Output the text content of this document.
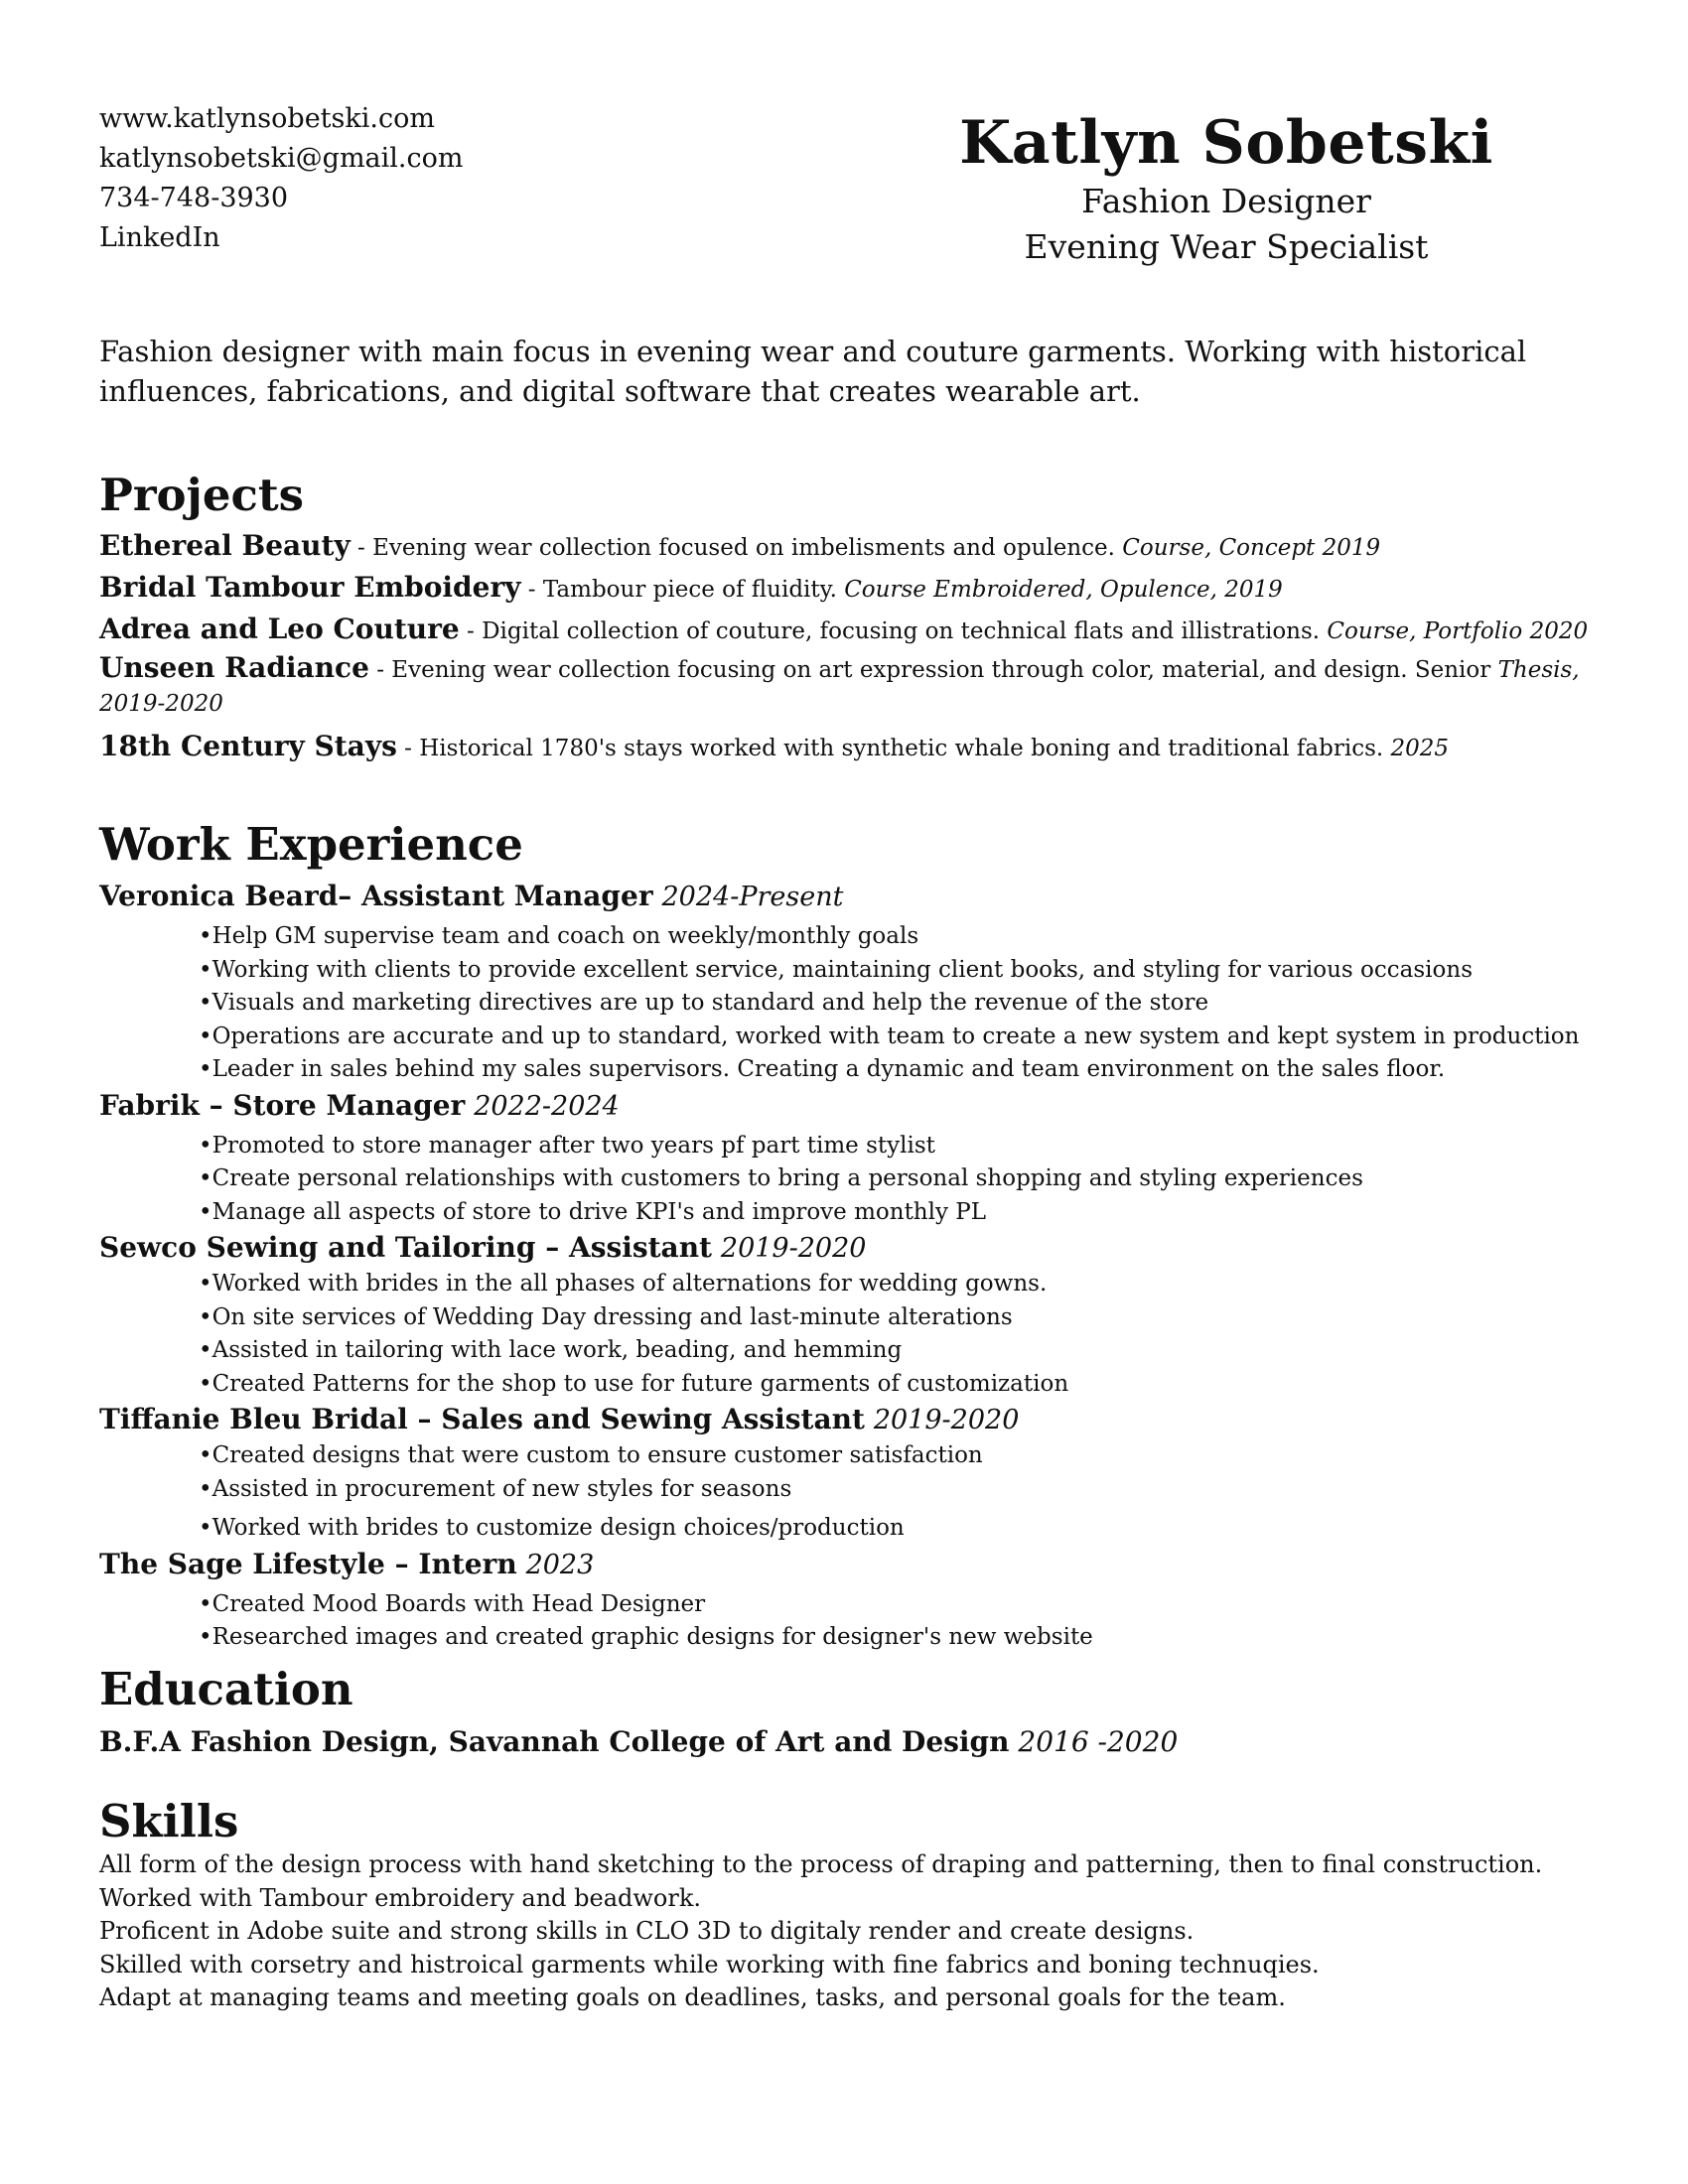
www.katlynsobetski.com
katlynsobetski@gmail.com
734-748-3930
LinkedIn
Katlyn Sobetski
Fashion Designer
Evening Wear Specialist
Fashion designer with main focus in evening wear and couture garments. Working with historical
influences, fabrications, and digital software that creates wearable art.
Projects
Ethereal Beauty - Evening wear collection focused on imbelisments and opulence. Course, Concept 2019
Bridal Tambour Emboidery - Tambour piece of fluidity. Course Embroidered, Opulence, 2019
Adrea and Leo Couture - Digital collection of couture, focusing on technical flats and illistrations. Course, Portfolio 2020
Unseen Radiance - Evening wear collection focusing on art expression through color, material, and design. Senior Thesis, 2019-2020
18th Century Stays - Historical 1780's stays worked with synthetic whale boning and traditional fabrics. 2025
Work Experience
Veronica Beard– Assistant Manager 2024-Present
• Help GM supervise team and coach on weekly/monthly goals
• Working with clients to provide excellent service, maintaining client books, and styling for various occasions
• Visuals and marketing directives are up to standard and help the revenue of the store
• Operations are accurate and up to standard, worked with team to create a new system and kept system in production
• Leader in sales behind my sales supervisors. Creating a dynamic and team environment on the sales floor.
Fabrik – Store Manager 2022-2024
• Promoted to store manager after two years pf part time stylist
• Create personal relationships with customers to bring a personal shopping and styling experiences
• Manage all aspects of store to drive KPI's and improve monthly PL
Sewco Sewing and Tailoring – Assistant 2019-2020
• Worked with brides in the all phases of alternations for wedding gowns.
• On site services of Wedding Day dressing and last-minute alterations
• Assisted in tailoring with lace work, beading, and hemming
• Created Patterns for the shop to use for future garments of customization
Tiffanie Bleu Bridal – Sales and Sewing Assistant 2019-2020
• Created designs that were custom to ensure customer satisfaction
• Assisted in procurement of new styles for seasons
• Worked with brides to customize design choices/production
The Sage Lifestyle – Intern 2023
• Created Mood Boards with Head Designer
• Researched images and created graphic designs for designer's new website
Education
B.F.A Fashion Design, Savannah College of Art and Design 2016 -2020
Skills
All form of the design process with hand sketching to the process of draping and patterning, then to final construction.
Worked with Tambour embroidery and beadwork.
Proficent in Adobe suite and strong skills in CLO 3D to digitaly render and create designs.
Skilled with corsetry and histroical garments while working with fine fabrics and boning technuqies.
Adapt at managing teams and meeting goals on deadlines, tasks, and personal goals for the team.
